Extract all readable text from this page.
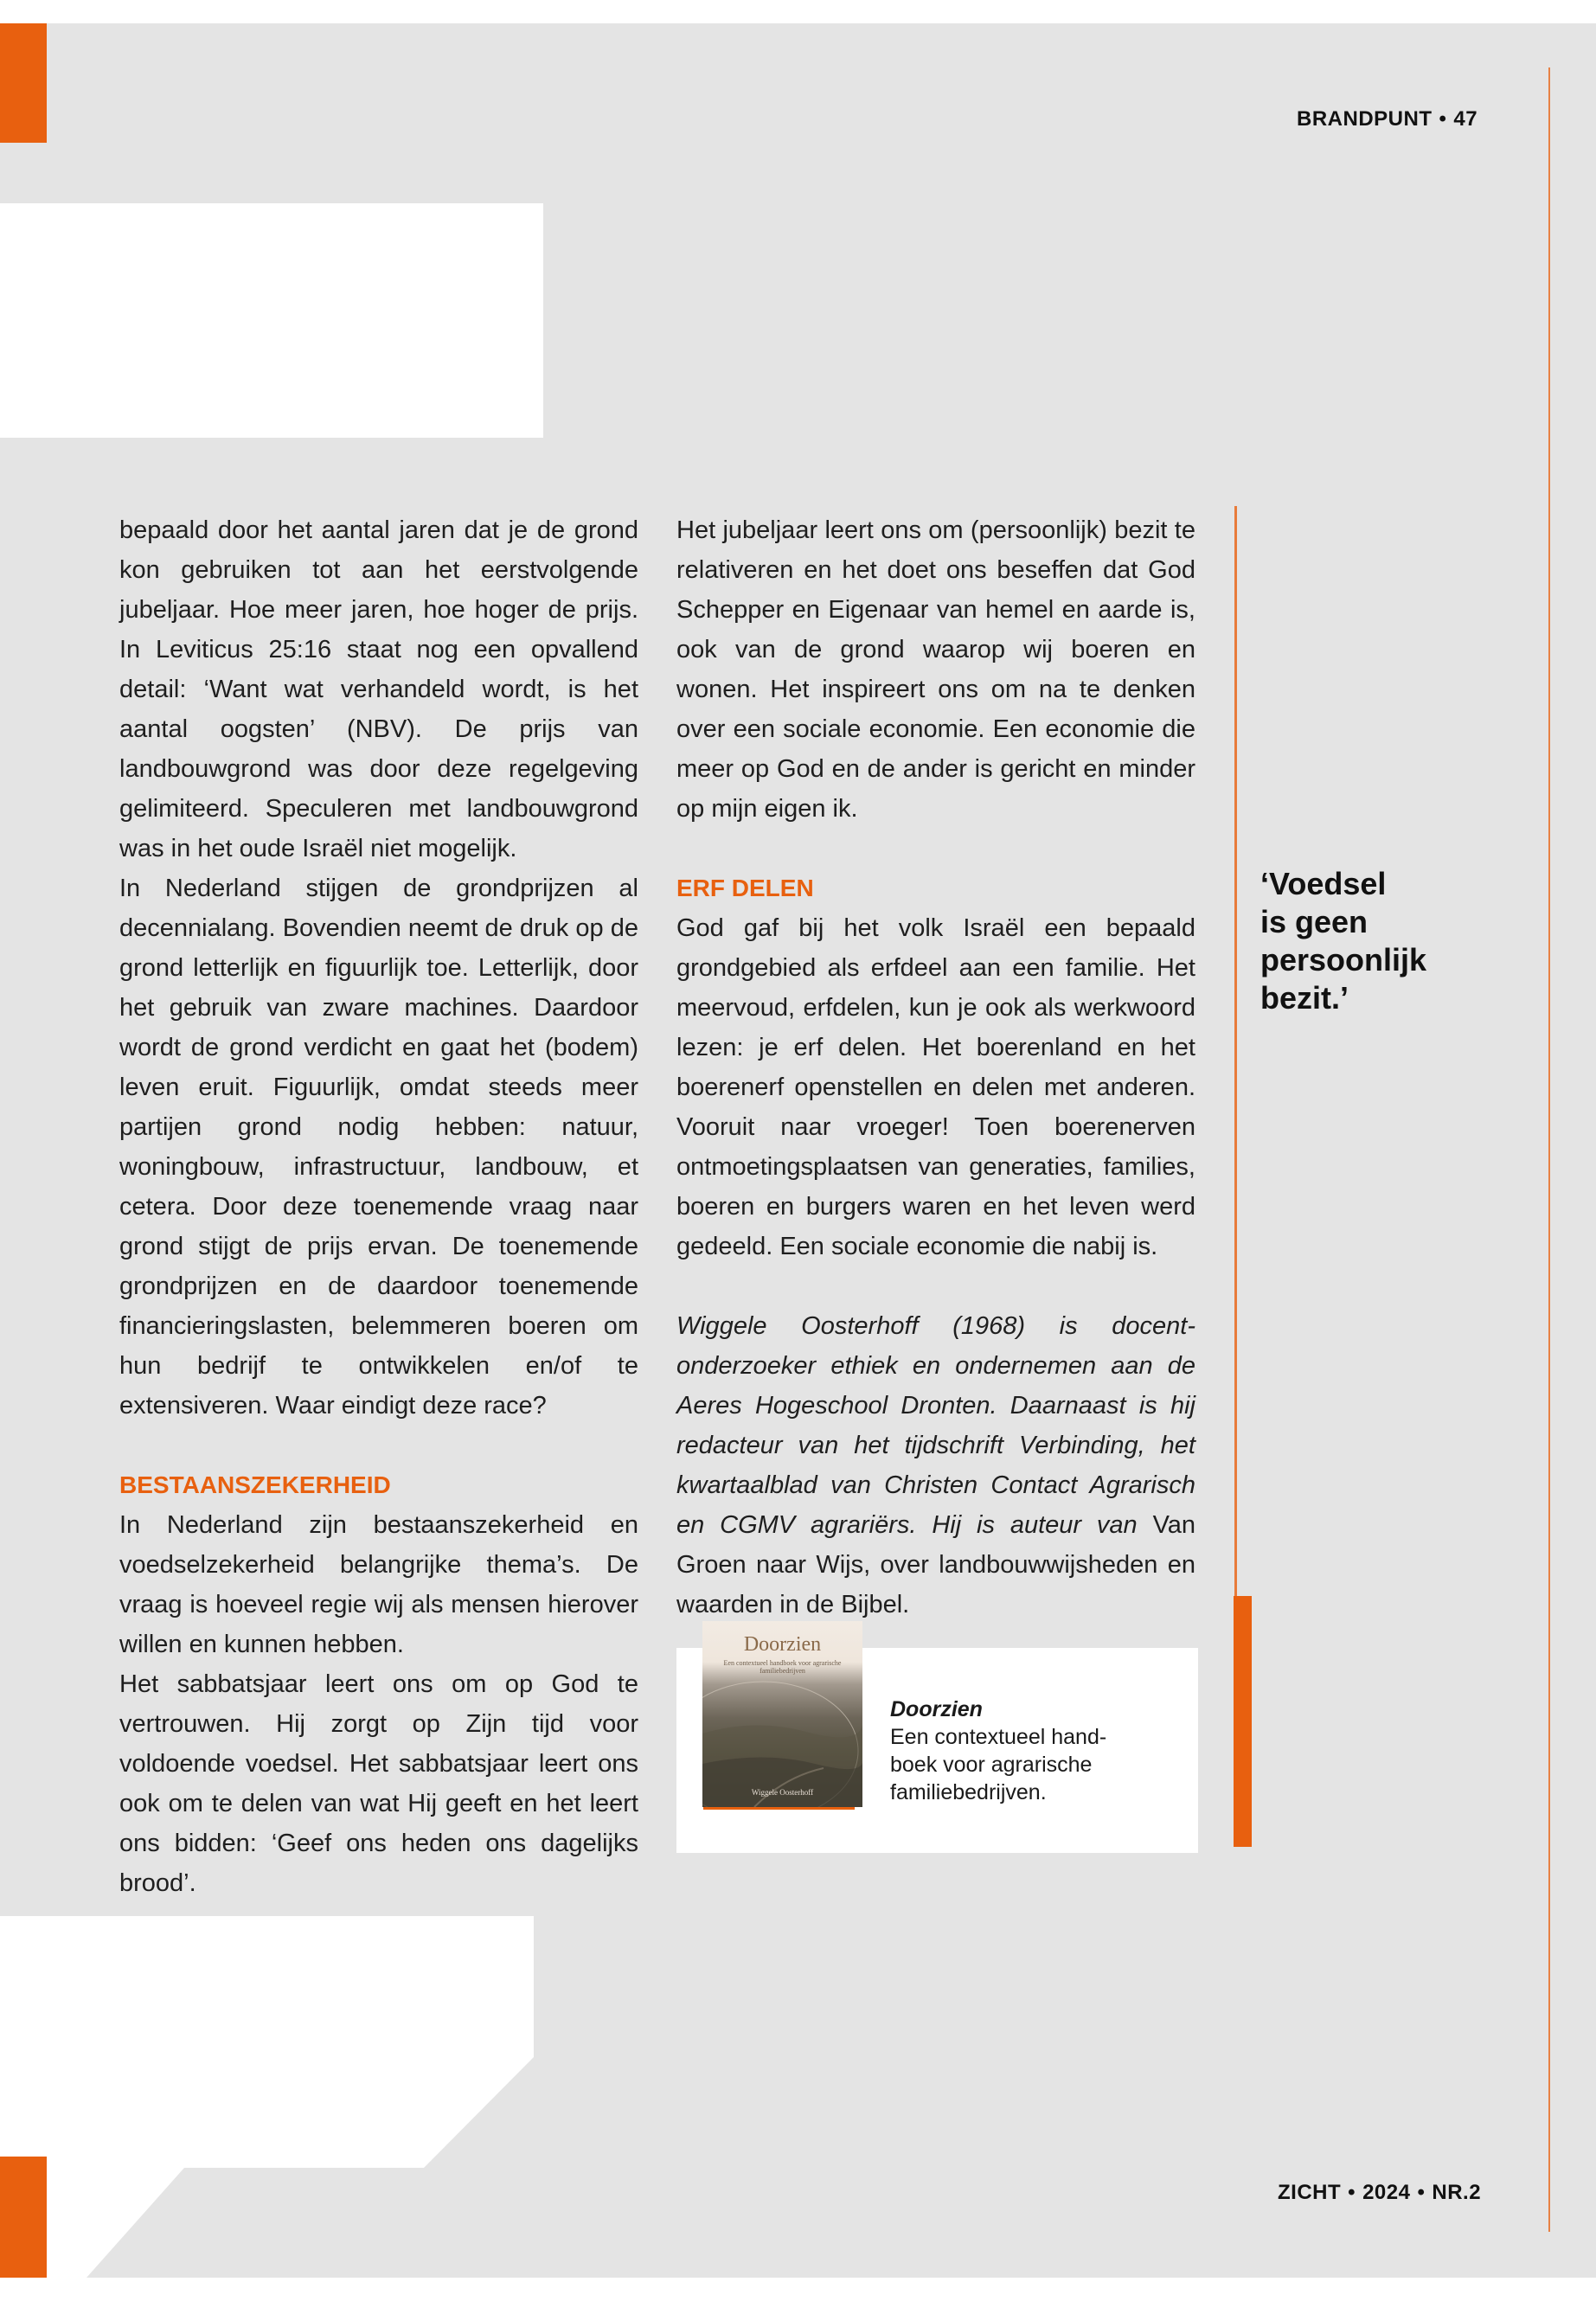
BRANDPUNT • 47

bepaald door het aantal jaren dat je de grond kon gebruiken tot aan het eerstvolgende jubeljaar. Hoe meer jaren, hoe hoger de prijs. In Leviticus 25:16 staat nog een opvallend detail: ‘Want wat verhandeld wordt, is het aantal oogsten’ (NBV). De prijs van landbouwgrond was door deze regelgeving gelimiteerd. Speculeren met landbouwgrond was in het oude Israël niet mogelijk.

In Nederland stijgen de grondprijzen al decennialang. Bovendien neemt de druk op de grond letterlijk en figuurlijk toe. Letterlijk, door het gebruik van zware machines. Daardoor wordt de grond verdicht en gaat het (bodem) leven eruit. Figuurlijk, omdat steeds meer partijen grond nodig hebben: natuur, woningbouw, infrastructuur, landbouw, et cetera. Door deze toenemende vraag naar grond stijgt de prijs ervan. De toenemende grondprijzen en de daardoor toenemende financieringslasten, belemmeren boeren om hun bedrijf te ontwikkelen en/of te extensiveren. Waar eindigt deze race?

BESTAANSZEKERHEID

In Nederland zijn bestaanszekerheid en voedselzekerheid belangrijke thema’s. De vraag is hoeveel regie wij als mensen hierover willen en kunnen hebben.

Het sabbatsjaar leert ons om op God te vertrouwen. Hij zorgt op Zijn tijd voor voldoende voedsel. Het sabbatsjaar leert ons ook om te delen van wat Hij geeft en het leert ons bidden: ‘Geef ons heden ons dagelijks brood’.

Het jubeljaar leert ons om (persoonlijk) bezit te relativeren en het doet ons beseffen dat God Schepper en Eigenaar van hemel en aarde is, ook van de grond waarop wij boeren en wonen. Het inspireert ons om na te denken over een sociale economie. Een economie die meer op God en de ander is gericht en minder op mijn eigen ik.

ERF DELEN

God gaf bij het volk Israël een bepaald grondgebied als erfdeel aan een familie. Het meervoud, erfdelen, kun je ook als werkwoord lezen: je erf delen. Het boerenland en het boerenerf openstellen en delen met anderen. Vooruit naar vroeger! Toen boerenerven ontmoetingsplaatsen van generaties, families, boeren en burgers waren en het leven werd gedeeld. Een sociale economie die nabij is.

Wiggele Oosterhoff (1968) is docent-onderzoeker ethiek en ondernemen aan de Aeres Hogeschool Dronten. Daarnaast is hij redacteur van het tijdschrift Verbinding, het kwartaalblad van Christen Contact Agrarisch en CGMV agrariërs. Hij is auteur van Van Groen naar Wijs, over landbouwwijsheden en waarden in de Bijbel.

‘Voedsel
is geen
persoonlijk
bezit.’
Doorzien
Een contextueel handboek voor agrarische familiebedrijven
Wiggele Oosterhoff
Doorzien
Een contextueel hand-
boek voor agrarische
familiebedrijven.
ZICHT • 2024 • NR.2
